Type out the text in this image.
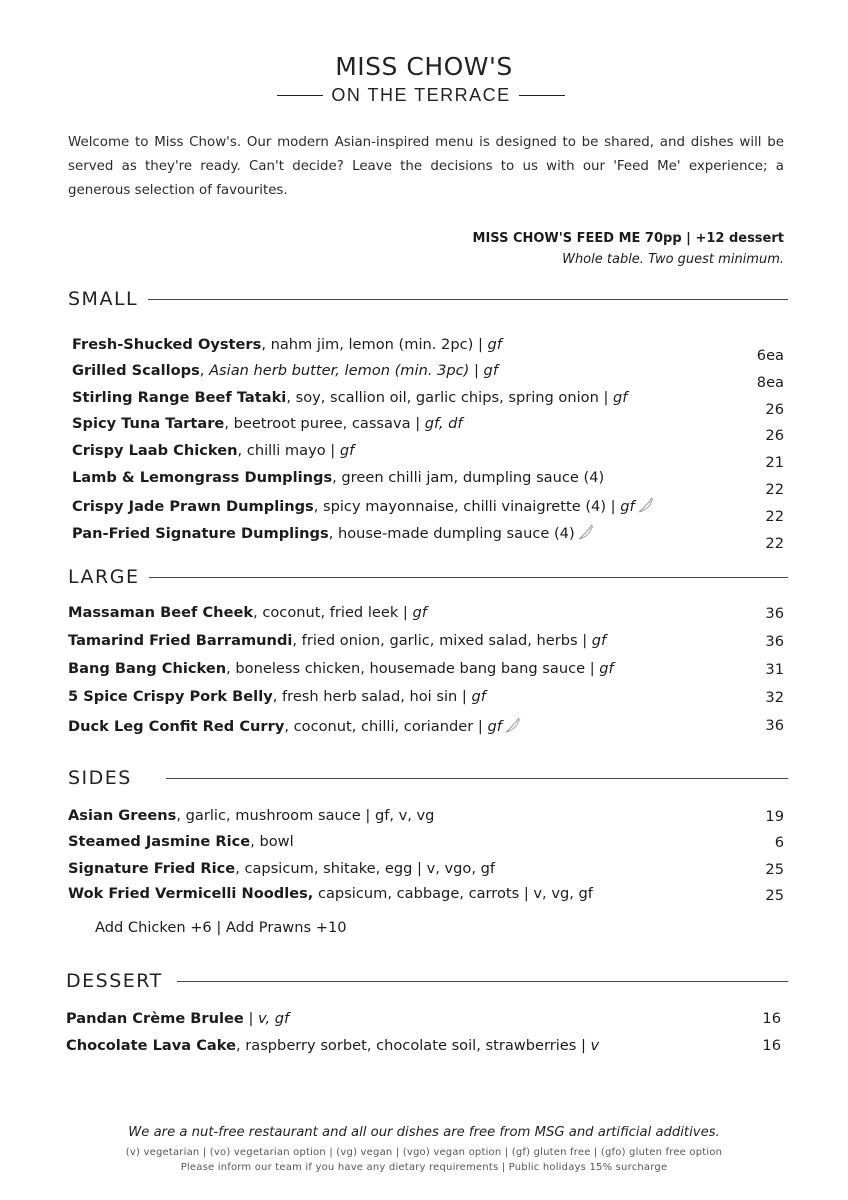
MISS CHOW'S
ON THE TERRACE
Welcome to Miss Chow's. Our modern Asian-inspired menu is designed to be shared, and dishes will be served as they're ready. Can't decide? Leave the decisions to us with our 'Feed Me' experience; a generous selection of favourites.
MISS CHOW'S FEED ME 70pp | +12 dessert
Whole table. Two guest minimum.
SMALL
Fresh-Shucked Oysters, nahm jim, lemon (min. 2pc) | gf
Grilled Scallops, Asian herb butter, lemon (min. 3pc) | gf
Stirling Range Beef Tataki, soy, scallion oil, garlic chips, spring onion | gf
Spicy Tuna Tartare, beetroot puree, cassava | gf, df
Crispy Laab Chicken, chilli mayo | gf
Lamb & Lemongrass Dumplings, green chilli jam, dumpling sauce (4)
Crispy Jade Prawn Dumplings, spicy mayonnaise, chilli vinaigrette (4) | gf
Pan-Fried Signature Dumplings, house-made dumpling sauce (4)
6ea
8ea
26
26
21
22
22
22
LARGE
Massaman Beef Cheek, coconut, fried leek | gf
Tamarind Fried Barramundi, fried onion, garlic, mixed salad, herbs | gf
Bang Bang Chicken, boneless chicken, housemade bang bang sauce | gf
5 Spice Crispy Pork Belly, fresh herb salad, hoi sin | gf
Duck Leg Confit Red Curry, coconut, chilli, coriander | gf
36
36
31
32
36
SIDES
Asian Greens, garlic, mushroom sauce | gf, v, vg
Steamed Jasmine Rice, bowl
Signature Fried Rice, capsicum, shitake, egg | v, vgo, gf
Wok Fried Vermicelli Noodles, capsicum, cabbage, carrots | v, vg, gf
19
6
25
25
Add Chicken +6 | Add Prawns +10
DESSERT
Pandan Crème Brulee | v, gf
Chocolate Lava Cake, raspberry sorbet, chocolate soil, strawberries | v
16
16
We are a nut-free restaurant and all our dishes are free from MSG and artificial additives.
(v) vegetarian | (vo) vegetarian option | (vg) vegan | (vgo) vegan option | (gf) gluten free | (gfo) gluten free option
Please inform our team if you have any dietary requirements | Public holidays 15% surcharge
